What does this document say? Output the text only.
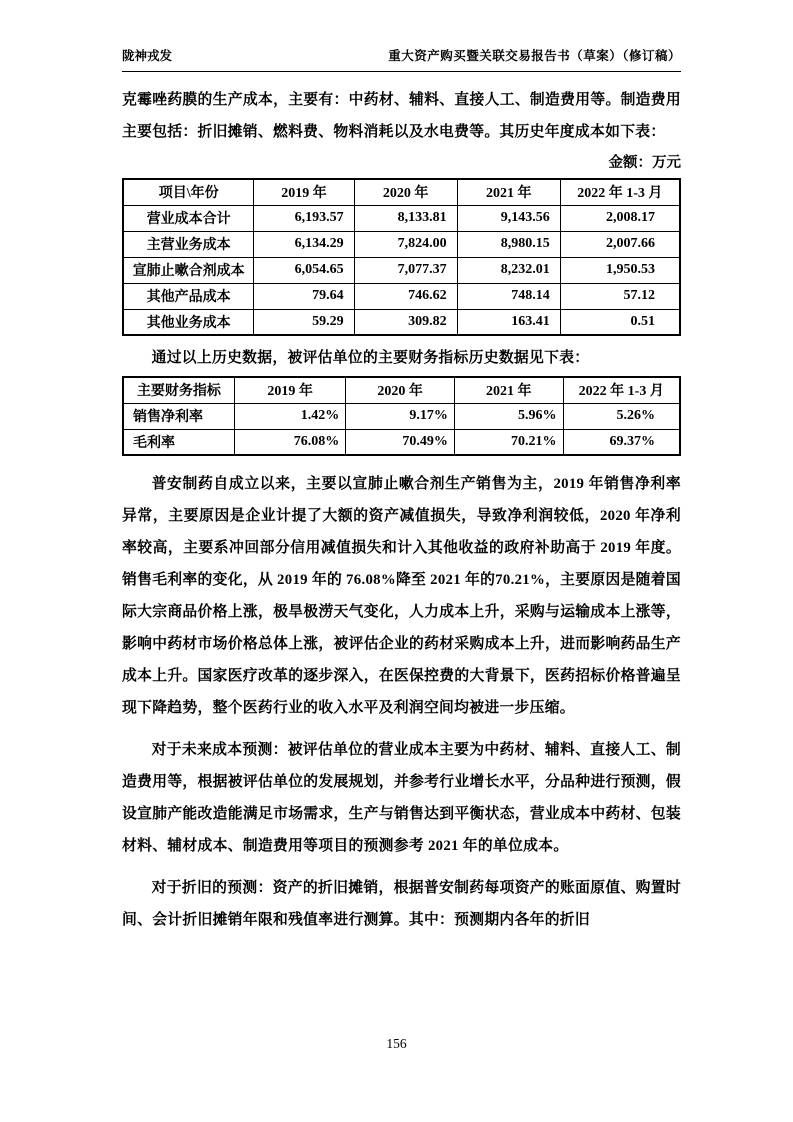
陇神戎发	重大资产购买暨关联交易报告书（草案）（修订稿）

克霉唑药膜的生产成本，主要有：中药材、辅料、直接人工、制造费用等。制造费用主要包括：折旧摊销、燃料费、物料消耗以及水电费等。其历史年度成本如下表：

金额：万元
项目\年份	2019 年	2020 年	2021 年	2022 年 1-3 月
营业成本合计	6,193.57	8,133.81	9,143.56	2,008.17
主营业务成本	6,134.29	7,824.00	8,980.15	2,007.66
宣肺止嗽合剂成本	6,054.65	7,077.37	8,232.01	1,950.53
其他产品成本	79.64	746.62	748.14	57.12
其他业务成本	59.29	309.82	163.41	0.51

通过以上历史数据，被评估单位的主要财务指标历史数据见下表：

主要财务指标	2019 年	2020 年	2021 年	2022 年 1-3 月
销售净利率	1.42%	9.17%	5.96%	5.26%
毛利率	76.08%	70.49%	70.21%	69.37%

普安制药自成立以来，主要以宣肺止嗽合剂生产销售为主，2019 年销售净利率异常，主要原因是企业计提了大额的资产减值损失，导致净利润较低，2020 年净利率较高，主要系冲回部分信用减值损失和计入其他收益的政府补助高于 2019 年度。销售毛利率的变化，从 2019 年的 76.08%降至 2021 年的70.21%，主要原因是随着国际大宗商品价格上涨，极旱极涝天气变化，人力成本上升，采购与运输成本上涨等，影响中药材市场价格总体上涨，被评估企业的药材采购成本上升，进而影响药品生产成本上升。国家医疗改革的逐步深入，在医保控费的大背景下，医药招标价格普遍呈现下降趋势，整个医药行业的收入水平及利润空间均被进一步压缩。

对于未来成本预测：被评估单位的营业成本主要为中药材、辅料、直接人工、制造费用等，根据被评估单位的发展规划，并参考行业增长水平，分品种进行预测，假设宣肺产能改造能满足市场需求，生产与销售达到平衡状态，营业成本中药材、包装材料、辅材成本、制造费用等项目的预测参考 2021 年的单位成本。

对于折旧的预测：资产的折旧摊销，根据普安制药每项资产的账面原值、购置时间、会计折旧摊销年限和残值率进行测算。其中：预测期内各年的折旧

156
